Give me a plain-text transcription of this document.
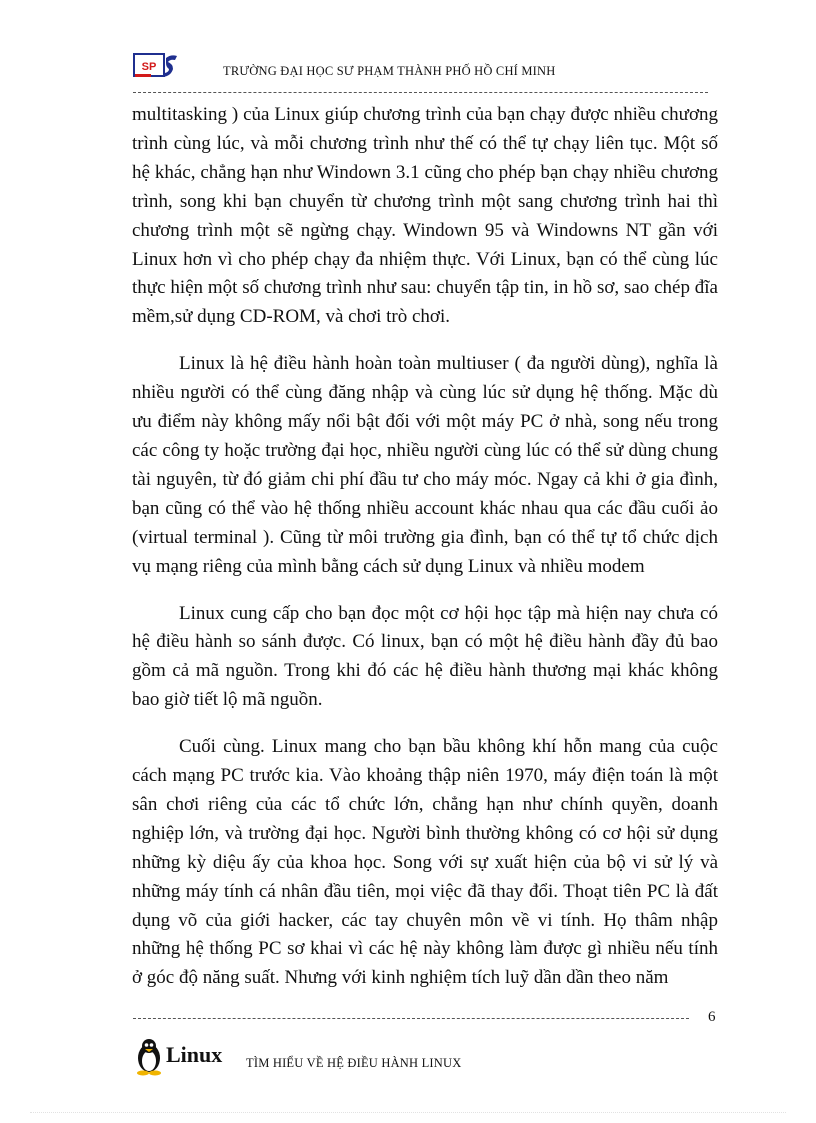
SP	TRƯỜNG ĐẠI HỌC SƯ PHẠM THÀNH PHỐ HỒ CHÍ MINH

multitasking ) của Linux giúp chương trình của bạn chạy được nhiều chương trình cùng lúc, và mỗi chương trình như thế có thể tự chạy liên tục. Một số hệ khác, chẳng hạn như Windown 3.1 cũng cho phép bạn chạy nhiều chương trình, song khi bạn chuyển từ chương trình một sang chương trình hai thì chương trình một sẽ ngừng chạy. Windown 95 và Windowns NT gần với Linux hơn vì cho phép chạy đa nhiệm thực. Với Linux, bạn có thể cùng lúc thực hiện một số chương trình như sau: chuyển tập tin, in hồ sơ, sao chép đĩa mềm,sử dụng CD-ROM, và chơi trò chơi.

Linux là hệ điều hành hoàn toàn multiuser ( đa người dùng), nghĩa là nhiều người có thể cùng đăng nhập và cùng lúc sử dụng hệ thống. Mặc dù ưu điểm này không mấy nổi bật đối với một máy PC ở nhà, song nếu trong các công ty hoặc trường đại học, nhiều người cùng lúc có thể sử dùng chung tài nguyên, từ đó giảm chi phí đầu tư cho máy móc. Ngay cả khi ở gia đình, bạn cũng có thể vào hệ thống nhiều account khác nhau qua các đầu cuối ảo (virtual terminal ). Cũng từ môi trường gia đình, bạn có thể tự tổ chức dịch vụ mạng riêng của mình bằng cách sử dụng Linux và nhiều modem

Linux cung cấp cho bạn đọc một cơ hội học tập mà hiện nay chưa có hệ điều hành so sánh được. Có linux, bạn có một hệ điều hành đầy đủ bao gồm cả mã nguồn. Trong khi đó các hệ điều hành thương mại khác không bao giờ tiết lộ mã nguồn.

Cuối cùng. Linux mang cho bạn bầu không khí hỗn mang của cuộc cách mạng PC trước kia. Vào khoảng thập niên 1970, máy điện toán là một sân chơi riêng của các tổ chức lớn, chẳng hạn như chính quyền, doanh nghiệp lớn, và trường đại học. Người bình thường không có cơ hội sử dụng những kỳ diệu ấy của khoa học. Song với sự xuất hiện của bộ vi sử lý và những máy tính cá nhân đầu tiên, mọi việc đã thay đổi. Thoạt tiên PC là đất dụng võ của giới hacker, các tay chuyên môn về vi tính. Họ thâm nhập những hệ thống PC sơ khai vì các hệ này không làm được gì nhiều nếu tính ở góc độ năng suất. Nhưng với kinh nghiệm tích luỹ dần dần theo năm

6
Linux TÌM HIỂU VỀ HỆ ĐIỀU HÀNH LINUX
